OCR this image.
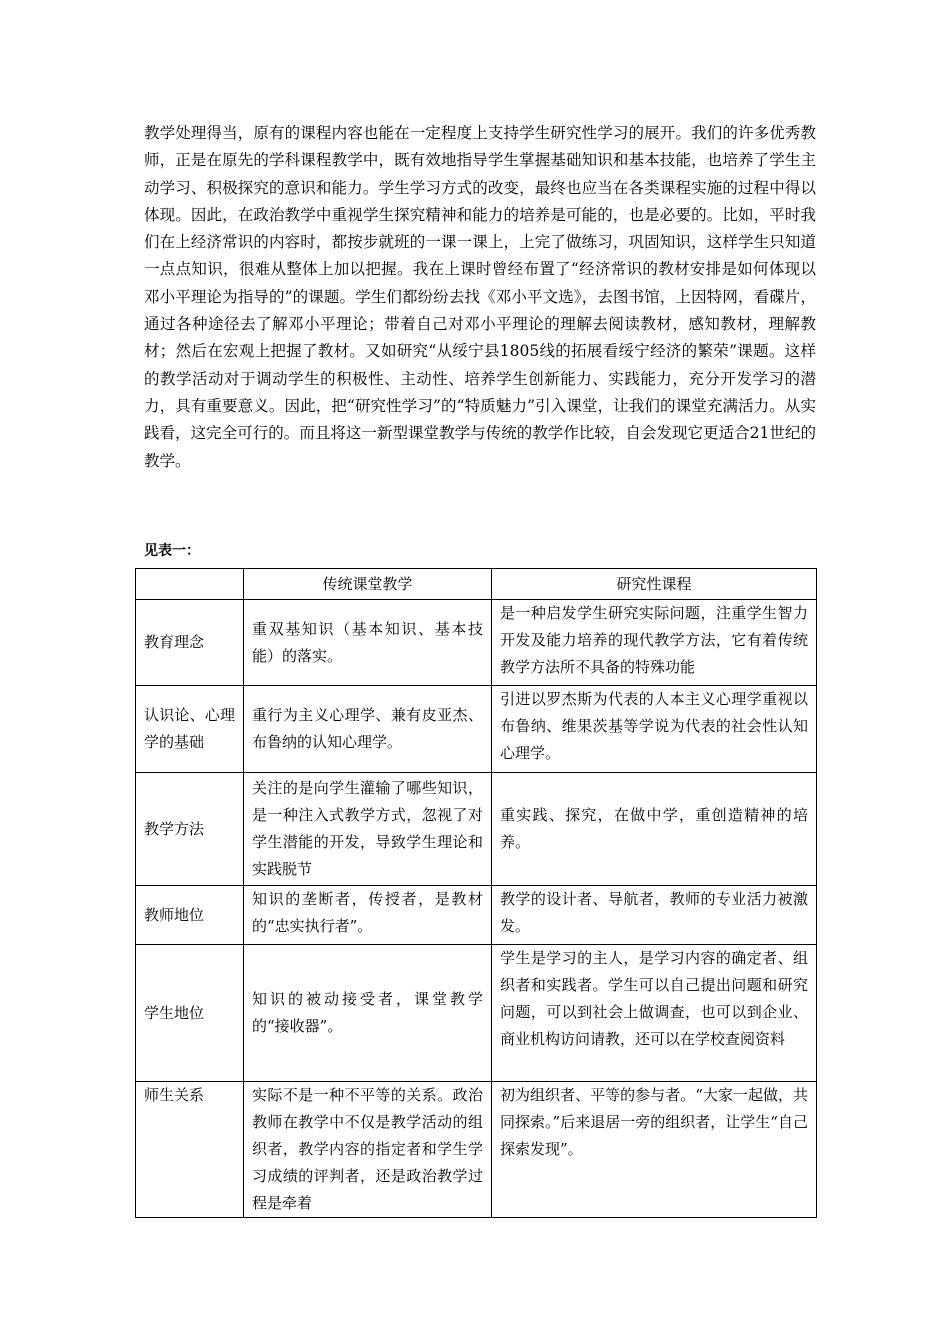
教学处理得当，原有的课程内容也能在一定程度上支持学生研究性学习的展开。我们的许多优秀教师，正是在原先的学科课程教学中，既有效地指导学生掌握基础知识和基本技能，也培养了学生主动学习、积极探究的意识和能力。学生学习方式的改变，最终也应当在各类课程实施的过程中得以体现。因此，在政治教学中重视学生探究精神和能力的培养是可能的，也是必要的。比如，平时我们在上经济常识的内容时，都按步就班的一课一课上，上完了做练习，巩固知识，这样学生只知道一点点知识，很难从整体上加以把握。我在上课时曾经布置了“经济常识的教材安排是如何体现以邓小平理论为指导的”的课题。学生们都纷纷去找《邓小平文选》，去图书馆，上因特网，看碟片，通过各种途径去了解邓小平理论；带着自己对邓小平理论的理解去阅读教材，感知教材，理解教材；然后在宏观上把握了教材。又如研究“从绥宁县1805线的拓展看绥宁经济的繁荣”课题。这样的教学活动对于调动学生的积极性、主动性、培养学生创新能力、实践能力，充分开发学习的潜力，具有重要意义。因此，把“研究性学习”的“特质魅力”引入课堂，让我们的课堂充满活力。从实践看，这完全可行的。而且将这一新型课堂教学与传统的教学作比较，自会发现它更适合21世纪的教学。

见表一：

	传统课堂教学	研究性课程
教育理念	重双基知识（基本知识、基本技能）的落实。	是一种启发学生研究实际问题，注重学生智力开发及能力培养的现代教学方法，它有着传统教学方法所不具备的特殊功能
认识论、心理学的基础	重行为主义心理学、兼有皮亚杰、布鲁纳的认知心理学。	引进以罗杰斯为代表的人本主义心理学重视以布鲁纳、维果茨基等学说为代表的社会性认知心理学。
教学方法	关注的是向学生灌输了哪些知识，是一种注入式教学方式，忽视了对学生潜能的开发，导致学生理论和实践脱节	重实践、探究，在做中学，重创造精神的培养。
教师地位	知识的垄断者，传授者，是教材的“忠实执行者”。	教学的设计者、导航者，教师的专业活力被激发。
学生地位	知识的被动接受者，课堂教学的“接收器”。	学生是学习的主人，是学习内容的确定者、组织者和实践者。学生可以自己提出问题和研究问题，可以到社会上做调查，也可以到企业、商业机构访问请教，还可以在学校查阅资料
师生关系	实际不是一种不平等的关系。政治教师在教学中不仅是教学活动的组织者，教学内容的指定者和学生学习成绩的评判者，还是政治教学过程是牵着	初为组织者、平等的参与者。“大家一起做，共同探索。”后来退居一旁的组织者，让学生“自己探索发现”。
